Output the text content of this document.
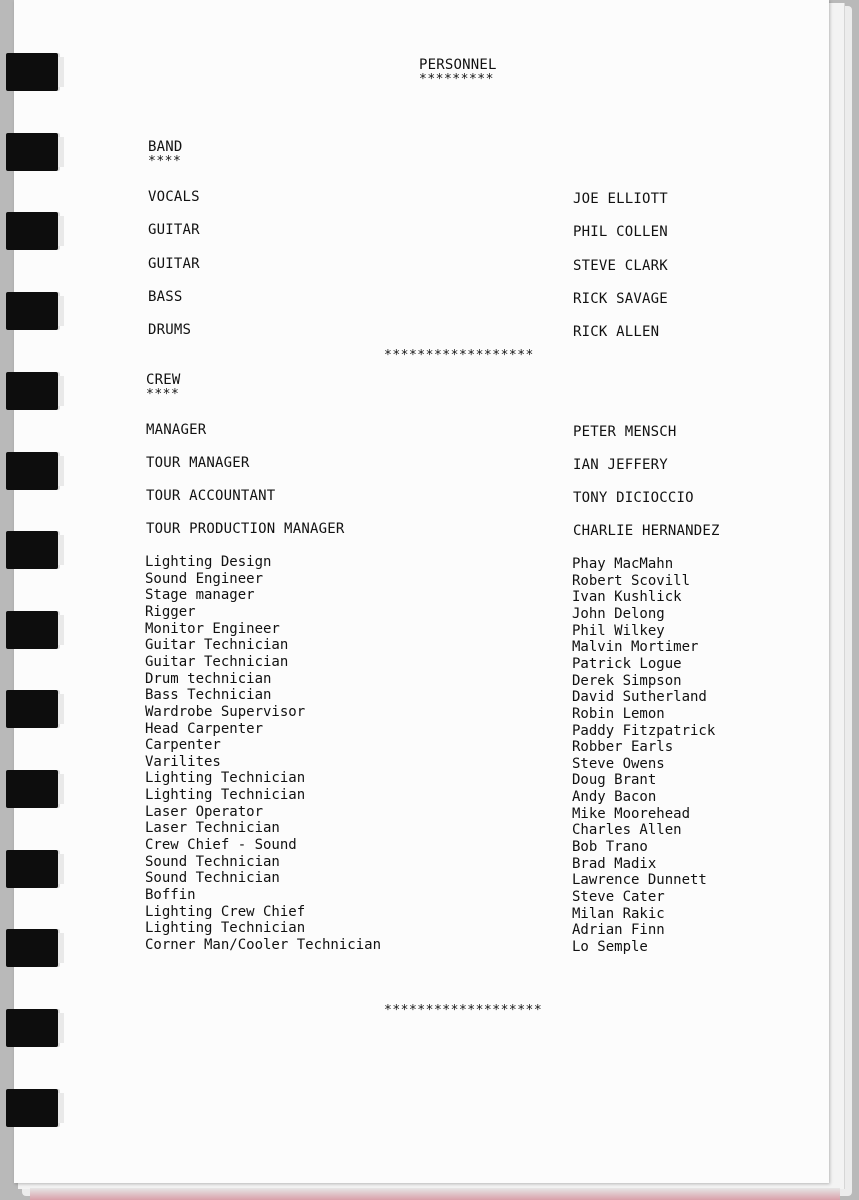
PERSONNEL
*********
BAND
****
VOCALS	JOE ELLIOTT
GUITAR	PHIL COLLEN
GUITAR	STEVE CLARK
BASS	RICK SAVAGE
DRUMS	RICK ALLEN
******************
CREW
****
MANAGER	PETER MENSCH
TOUR MANAGER	IAN JEFFERY
TOUR ACCOUNTANT	TONY DICIOCCIO
TOUR PRODUCTION MANAGER	CHARLIE HERNANDEZ
Lighting Design	Phay MacMahn
Sound Engineer	Robert Scovill
Stage manager	Ivan Kushlick
Rigger	John Delong
Monitor Engineer	Phil Wilkey
Guitar Technician	Malvin Mortimer
Guitar Technician	Patrick Logue
Drum technician	Derek Simpson
Bass Technician	David Sutherland
Wardrobe Supervisor	Robin Lemon
Head Carpenter	Paddy Fitzpatrick
Carpenter	Robber Earls
Varilites	Steve Owens
Lighting Technician	Doug Brant
Lighting Technician	Andy Bacon
Laser Operator	Mike Moorehead
Laser Technician	Charles Allen
Crew Chief - Sound	Bob Trano
Sound Technician	Brad Madix
Sound Technician	Lawrence Dunnett
Boffin	Steve Cater
Lighting Crew Chief	Milan Rakic
Lighting Technician	Adrian Finn
Corner Man/Cooler Technician	Lo Semple
*******************
